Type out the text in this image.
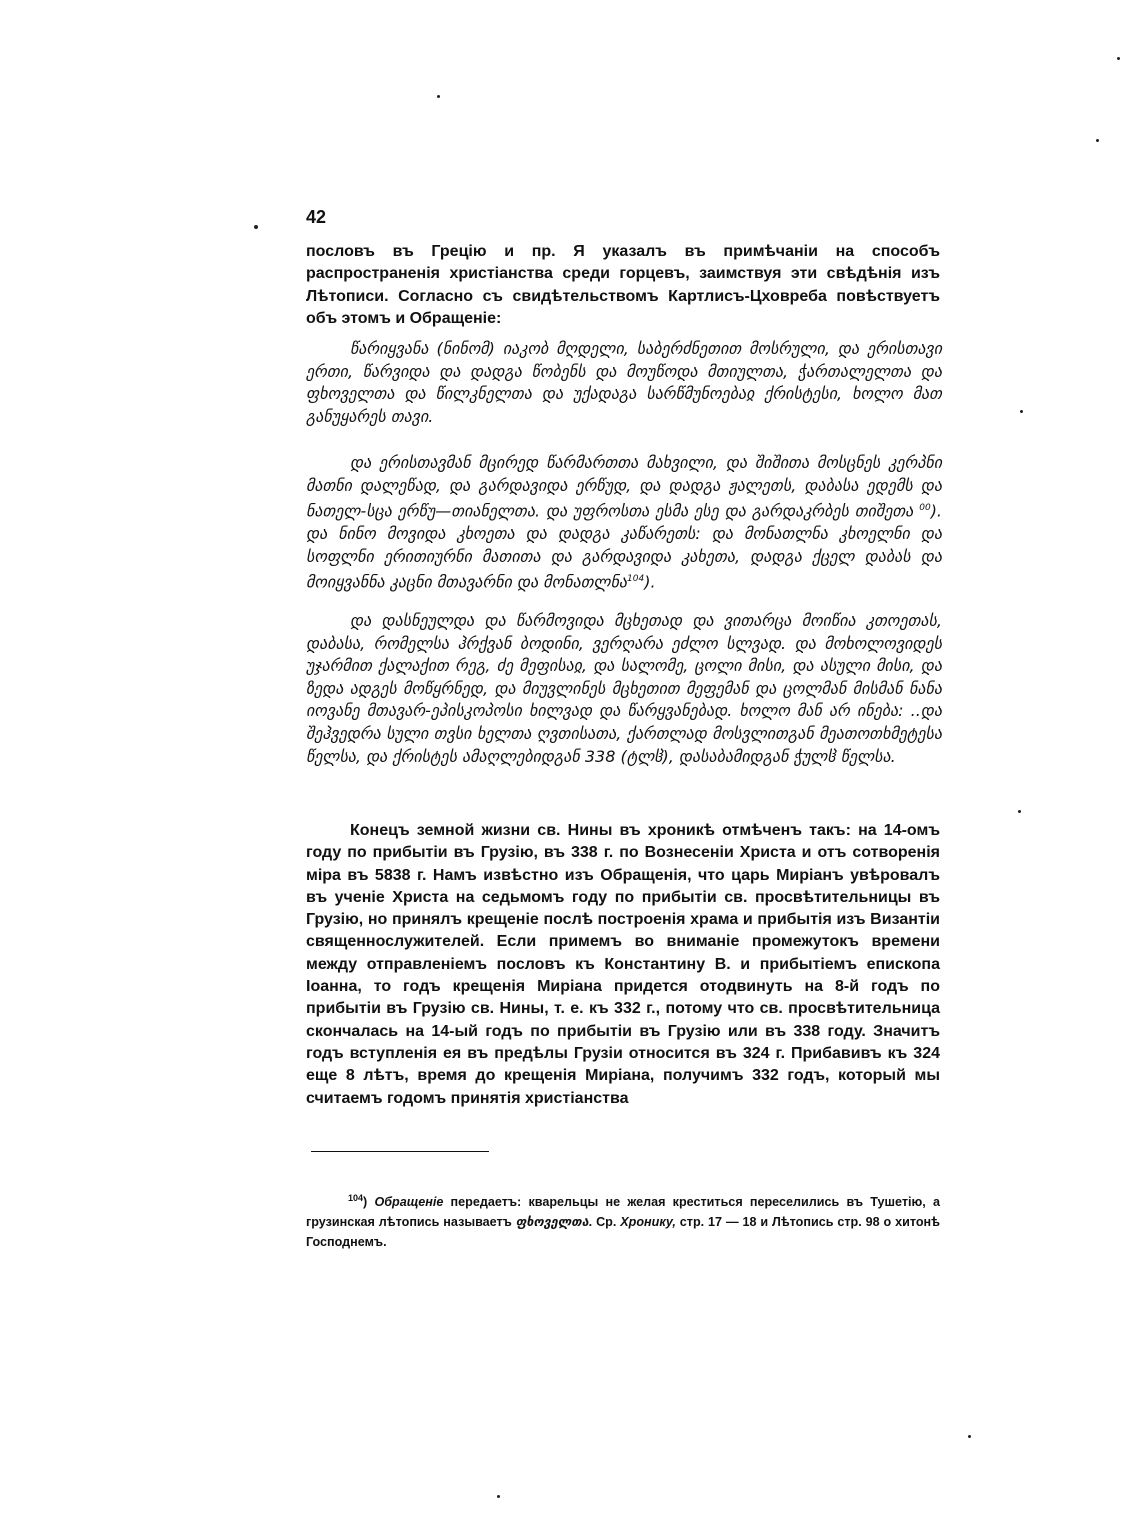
42

пословъ въ Грецію и пр. Я указалъ въ примѣчаніи на способъ распространенія христіанства среди горцевъ, заимствуя эти свѣдѣнія изъ Лѣтописи. Согласно съ свидѣтельствомъ Картлисъ-Цховреба повѣствуетъ объ этомъ и Обращеніе:

წარიყვანა (ნინომ) იაკობ მღდელი, საბერძნეთით მოსრული, და ერისთავი ერთი, წარვიდა და დადგა წობენს და მოუწოდა მთიულთა, ჭართალელთა და ფხოველთა და წილკნელთა და უქადაგა სარწმუნოებაჲ ქრისტესი, ხოლო მათ განუყარეს თავი.

და ერისთავმან მცირედ წარმართთა მახვილი, და შიშითა მოსცნეს კერპნი მათნი დალეწად, და გარდავიდა ერწუდ, და დადგა ჟალეთს, დაბასა ედემს და ნათელ-სცა ერწუ—თიანელთა. და უფროსთა ესმა ესე და გარდაკრბეს თიშეთა $^{00}$). და ნინო მოვიდა კხოეთა და დადგა კაწარეთს: და მონათლნა კხოელნი და სოფლნი ერითიურნი მათითა და გარდავიდა კახეთა, დადგა ქცელ დაბას და მოიყვანნა კაცნი მთავარნი და მონათლნა$^{104}$).

და დასნეულდა და წარმოვიდა მცხეთად და ვითარცა მოიწია კთოეთას, დაბასა, რომელსა ჰრქვან ბოდინი, ვერღარა ეძლო სლვად. და მოხოლოვიდეს უჯარმით ქალაქით რეგ, ძე მეფისაჲ, და სალომე, ცოლი მისი, და ასული მისი, და ზედა ადგეს მოწყრნედ, და მიუვლინეს მცხეთით მეფემან და ცოლმან მისმან ნანა იოვანე მთავარ-ეპისკოპოსი ხილვად და წარყვანებად. ხოლო მან არ ინება: ..და შეჰვედრა სული თვსი ხელთა ღვთისათა, ქართლად მოსვლითგან მეათოთხმეტესა წელსა, და ქრისტეს ამაღლებიდგან 338 (ტლჱ), დასაბამიდგან ჭულჱ წელსა.

Конецъ земной жизни св. Нины въ хроникѣ отмѣченъ такъ: на 14-омъ году по прибытіи въ Грузію, въ 338 г. по Вознесеніи Христа и отъ сотворенія міра въ 5838 г. Намъ извѣстно изъ Обращенія, что царь Миріанъ увѣровалъ въ ученіе Христа на седьмомъ году по прибытіи св. просвѣтительницы въ Грузію, но принялъ крещеніе послѣ построенія храма и прибытія изъ Византіи священнослужителей. Если примемъ во вниманіе промежутокъ времени между отправленіемъ пословъ къ Константину В. и прибытіемъ епископа Іоанна, то годъ крещенія Миріана придется отодвинуть на 8-й годъ по прибытіи въ Грузію св. Нины, т. е. къ 332 г., потому что св. просвѣтительница скончалась на 14-ый годъ по прибытіи въ Грузію или въ 338 году. Значитъ годъ вступленія ея въ предѣлы Грузіи относится въ 324 г. Прибавивъ къ 324 еще 8 лѣтъ, время до крещенія Миріана, получимъ 332 годъ, который мы считаемъ годомъ принятія христіанства

$^{104}$) Обращеніе передаетъ: кварельцы не желая креститься переселились въ Тушетію, а грузинская лѣтопись называетъ ფხოველთა. Ср. Хронику, стр. 17 — 18 и Лѣтопись стр. 98 о хитонѣ Господнемъ.
